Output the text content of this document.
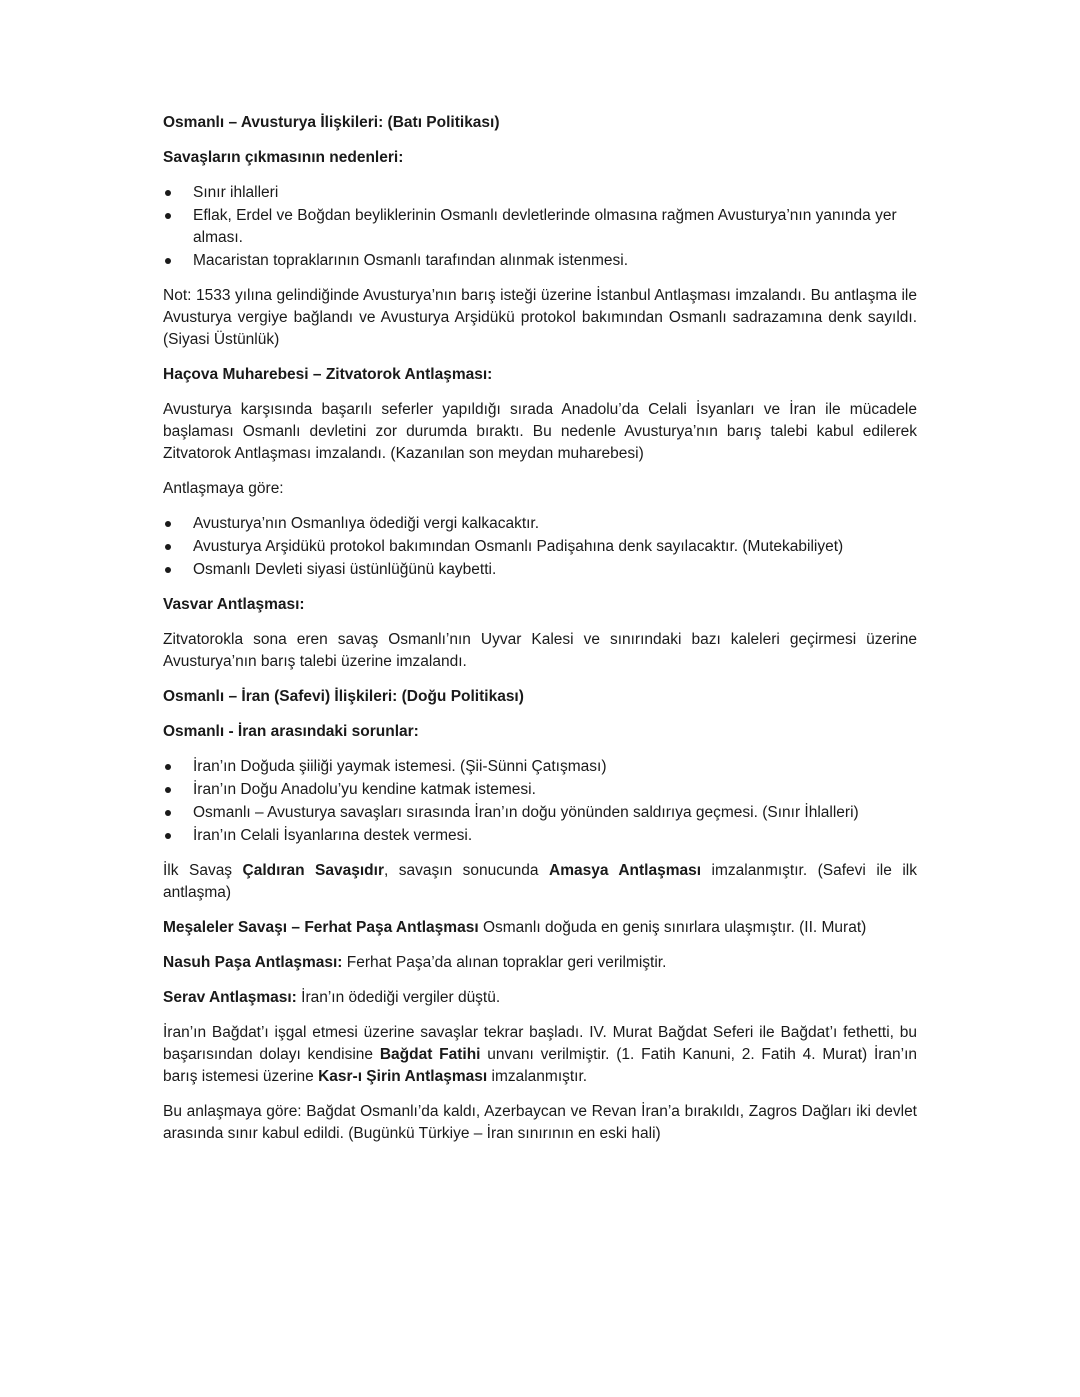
Osmanlı – Avusturya İlişkileri: (Batı Politikası)

Savaşların çıkmasının nedenleri:

Sınır ihlalleri
Eflak, Erdel ve Boğdan beyliklerinin Osmanlı devletlerinde olmasına rağmen Avusturya’nın yanında yer alması.
Macaristan topraklarının Osmanlı tarafından alınmak istenmesi.

Not: 1533 yılına gelindiğinde Avusturya’nın barış isteği üzerine İstanbul Antlaşması imzalandı. Bu antlaşma ile Avusturya vergiye bağlandı ve Avusturya Arşidükü protokol bakımından Osmanlı sadrazamına denk sayıldı. (Siyasi Üstünlük)

Haçova Muharebesi – Zitvatorok Antlaşması:

Avusturya karşısında başarılı seferler yapıldığı sırada Anadolu’da Celali İsyanları ve İran ile mücadele başlaması Osmanlı devletini zor durumda bıraktı. Bu nedenle Avusturya’nın barış talebi kabul edilerek Zitvatorok Antlaşması imzalandı. (Kazanılan son meydan muharebesi)

Antlaşmaya göre:

Avusturya’nın Osmanlıya ödediği vergi kalkacaktır.
Avusturya Arşidükü protokol bakımından Osmanlı Padişahına denk sayılacaktır. (Mutekabiliyet)
Osmanlı Devleti siyasi üstünlüğünü kaybetti.

Vasvar Antlaşması:

Zitvatorokla sona eren savaş Osmanlı’nın Uyvar Kalesi ve sınırındaki bazı kaleleri geçirmesi üzerine Avusturya’nın barış talebi üzerine imzalandı.

Osmanlı – İran (Safevi) İlişkileri: (Doğu Politikası)

Osmanlı - İran arasındaki sorunlar:

İran’ın Doğuda şiiliği yaymak istemesi. (Şii-Sünni Çatışması)
İran’ın Doğu Anadolu’yu kendine katmak istemesi.
Osmanlı – Avusturya savaşları sırasında İran’ın doğu yönünden saldırıya geçmesi. (Sınır İhlalleri)
İran’ın Celali İsyanlarına destek vermesi.

İlk Savaş Çaldıran Savaşıdır, savaşın sonucunda Amasya Antlaşması imzalanmıştır. (Safevi ile ilk antlaşma)

Meşaleler Savaşı – Ferhat Paşa Antlaşması Osmanlı doğuda en geniş sınırlara ulaşmıştır. (II. Murat)

Nasuh Paşa Antlaşması: Ferhat Paşa’da alınan topraklar geri verilmiştir.

Serav Antlaşması: İran’ın ödediği vergiler düştü.

İran’ın Bağdat’ı işgal etmesi üzerine savaşlar tekrar başladı. IV. Murat Bağdat Seferi ile Bağdat’ı fethetti, bu başarısından dolayı kendisine Bağdat Fatihi unvanı verilmiştir. (1. Fatih Kanuni, 2. Fatih 4. Murat) İran’ın barış istemesi üzerine Kasr-ı Şirin Antlaşması imzalanmıştır.

Bu anlaşmaya göre: Bağdat Osmanlı’da kaldı, Azerbaycan ve Revan İran’a bırakıldı, Zagros Dağları iki devlet arasında sınır kabul edildi. (Bugünkü Türkiye – İran sınırının en eski hali)
